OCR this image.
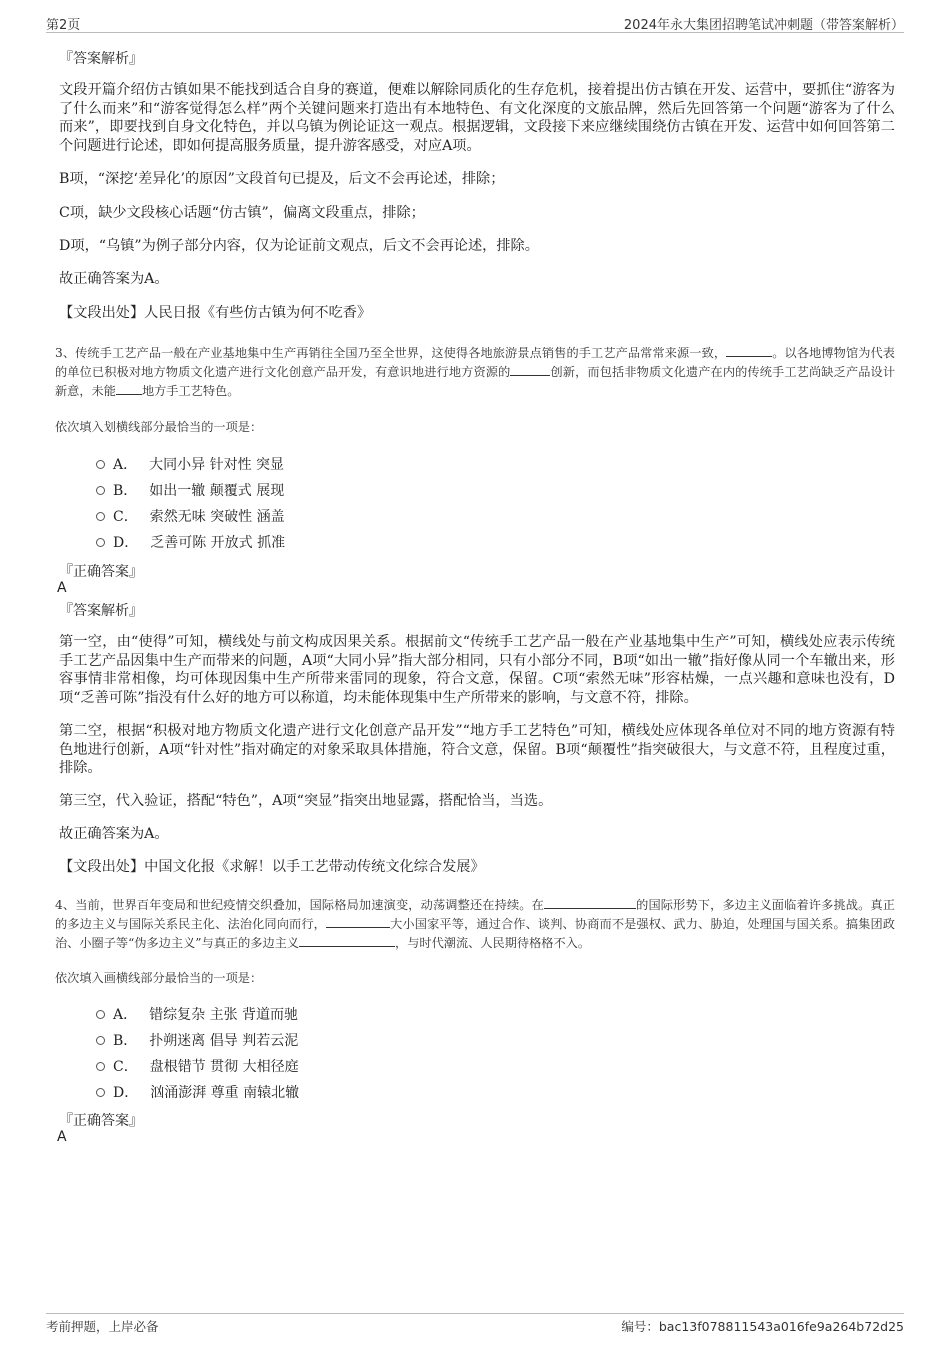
第2页	2024年永大集团招聘笔试冲刺题（带答案解析）
『答案解析』
文段开篇介绍仿古镇如果不能找到适合自身的赛道，便难以解除同质化的生存危机，接着提出仿古镇在开发、运营中，要抓住“游客为了什么而来”和“游客觉得怎么样”两个关键问题来打造出有本地特色、有文化深度的文旅品牌，然后先回答第一个问题“游客为了什么而来”，即要找到自身文化特色，并以乌镇为例论证这一观点。根据逻辑，文段接下来应继续围绕仿古镇在开发、运营中如何回答第二个问题进行论述，即如何提高服务质量，提升游客感受，对应A项。
B项，“深挖‘差异化’的原因”文段首句已提及，后文不会再论述，排除；
C项，缺少文段核心话题“仿古镇”，偏离文段重点，排除；
D项，“乌镇”为例子部分内容，仅为论证前文观点，后文不会再论述，排除。
故正确答案为A。
【文段出处】人民日报《有些仿古镇为何不吃香》
3、传统手工艺产品一般在产业基地集中生产再销往全国乃至全世界，这使得各地旅游景点销售的手工艺产品常常来源一致，	。以各地博物馆为代表的单位已积极对地方物质文化遗产进行文化创意产品开发，有意识地进行地方资源的	创新，而包括非物质文化遗产在内的传统手工艺尚缺乏产品设计新意，未能 地方手工艺特色。
依次填入划横线部分最恰当的一项是：
A． 大同小异 针对性 突显
B． 如出一辙 颠覆式 展现
C． 索然无味 突破性 涵盖
D． 乏善可陈 开放式 抓准
『正确答案』
A
『答案解析』
第一空，由“使得”可知，横线处与前文构成因果关系。根据前文“传统手工艺产品一般在产业基地集中生产”可知，横线处应表示传统手工艺产品因集中生产而带来的问题，A项“大同小异”指大部分相同，只有小部分不同，B项“如出一辙”指好像从同一个车辙出来，形容事情非常相像，均可体现因集中生产所带来雷同的现象，符合文意，保留。C项“索然无味”形容枯燥，一点兴趣和意味也没有，D项“乏善可陈”指没有什么好的地方可以称道，均未能体现集中生产所带来的影响，与文意不符，排除。
第二空，根据“积极对地方物质文化遗产进行文化创意产品开发”“地方手工艺特色”可知，横线处应体现各单位对不同的地方资源有特色地进行创新，A项“针对性”指对确定的对象采取具体措施，符合文意，保留。B项“颠覆性”指突破很大，与文意不符，且程度过重，排除。
第三空，代入验证，搭配“特色”，A项“突显”指突出地显露，搭配恰当，当选。
故正确答案为A。
【文段出处】中国文化报《求解！以手工艺带动传统文化综合发展》
4、当前，世界百年变局和世纪疫情交织叠加，国际格局加速演变，动荡调整还在持续。在	的国际形势下，多边主义面临着许多挑战。真正的多边主义与国际关系民主化、法治化同向而行，	大小国家平等，通过合作、谈判、协商而不是强权、武力、胁迫，处理国与国关系。搞集团政治、小圈子等“伪多边主义”与真正的多边主义	，与时代潮流、人民期待格格不入。
依次填入画横线部分最恰当的一项是：
A． 错综复杂 主张 背道而驰
B． 扑朔迷离 倡导 判若云泥
C． 盘根错节 贯彻 大相径庭
D． 汹涌澎湃 尊重 南辕北辙
『正确答案』
A
考前押题，上岸必备	编号：bac13f078811543a016fe9a264b72d25
